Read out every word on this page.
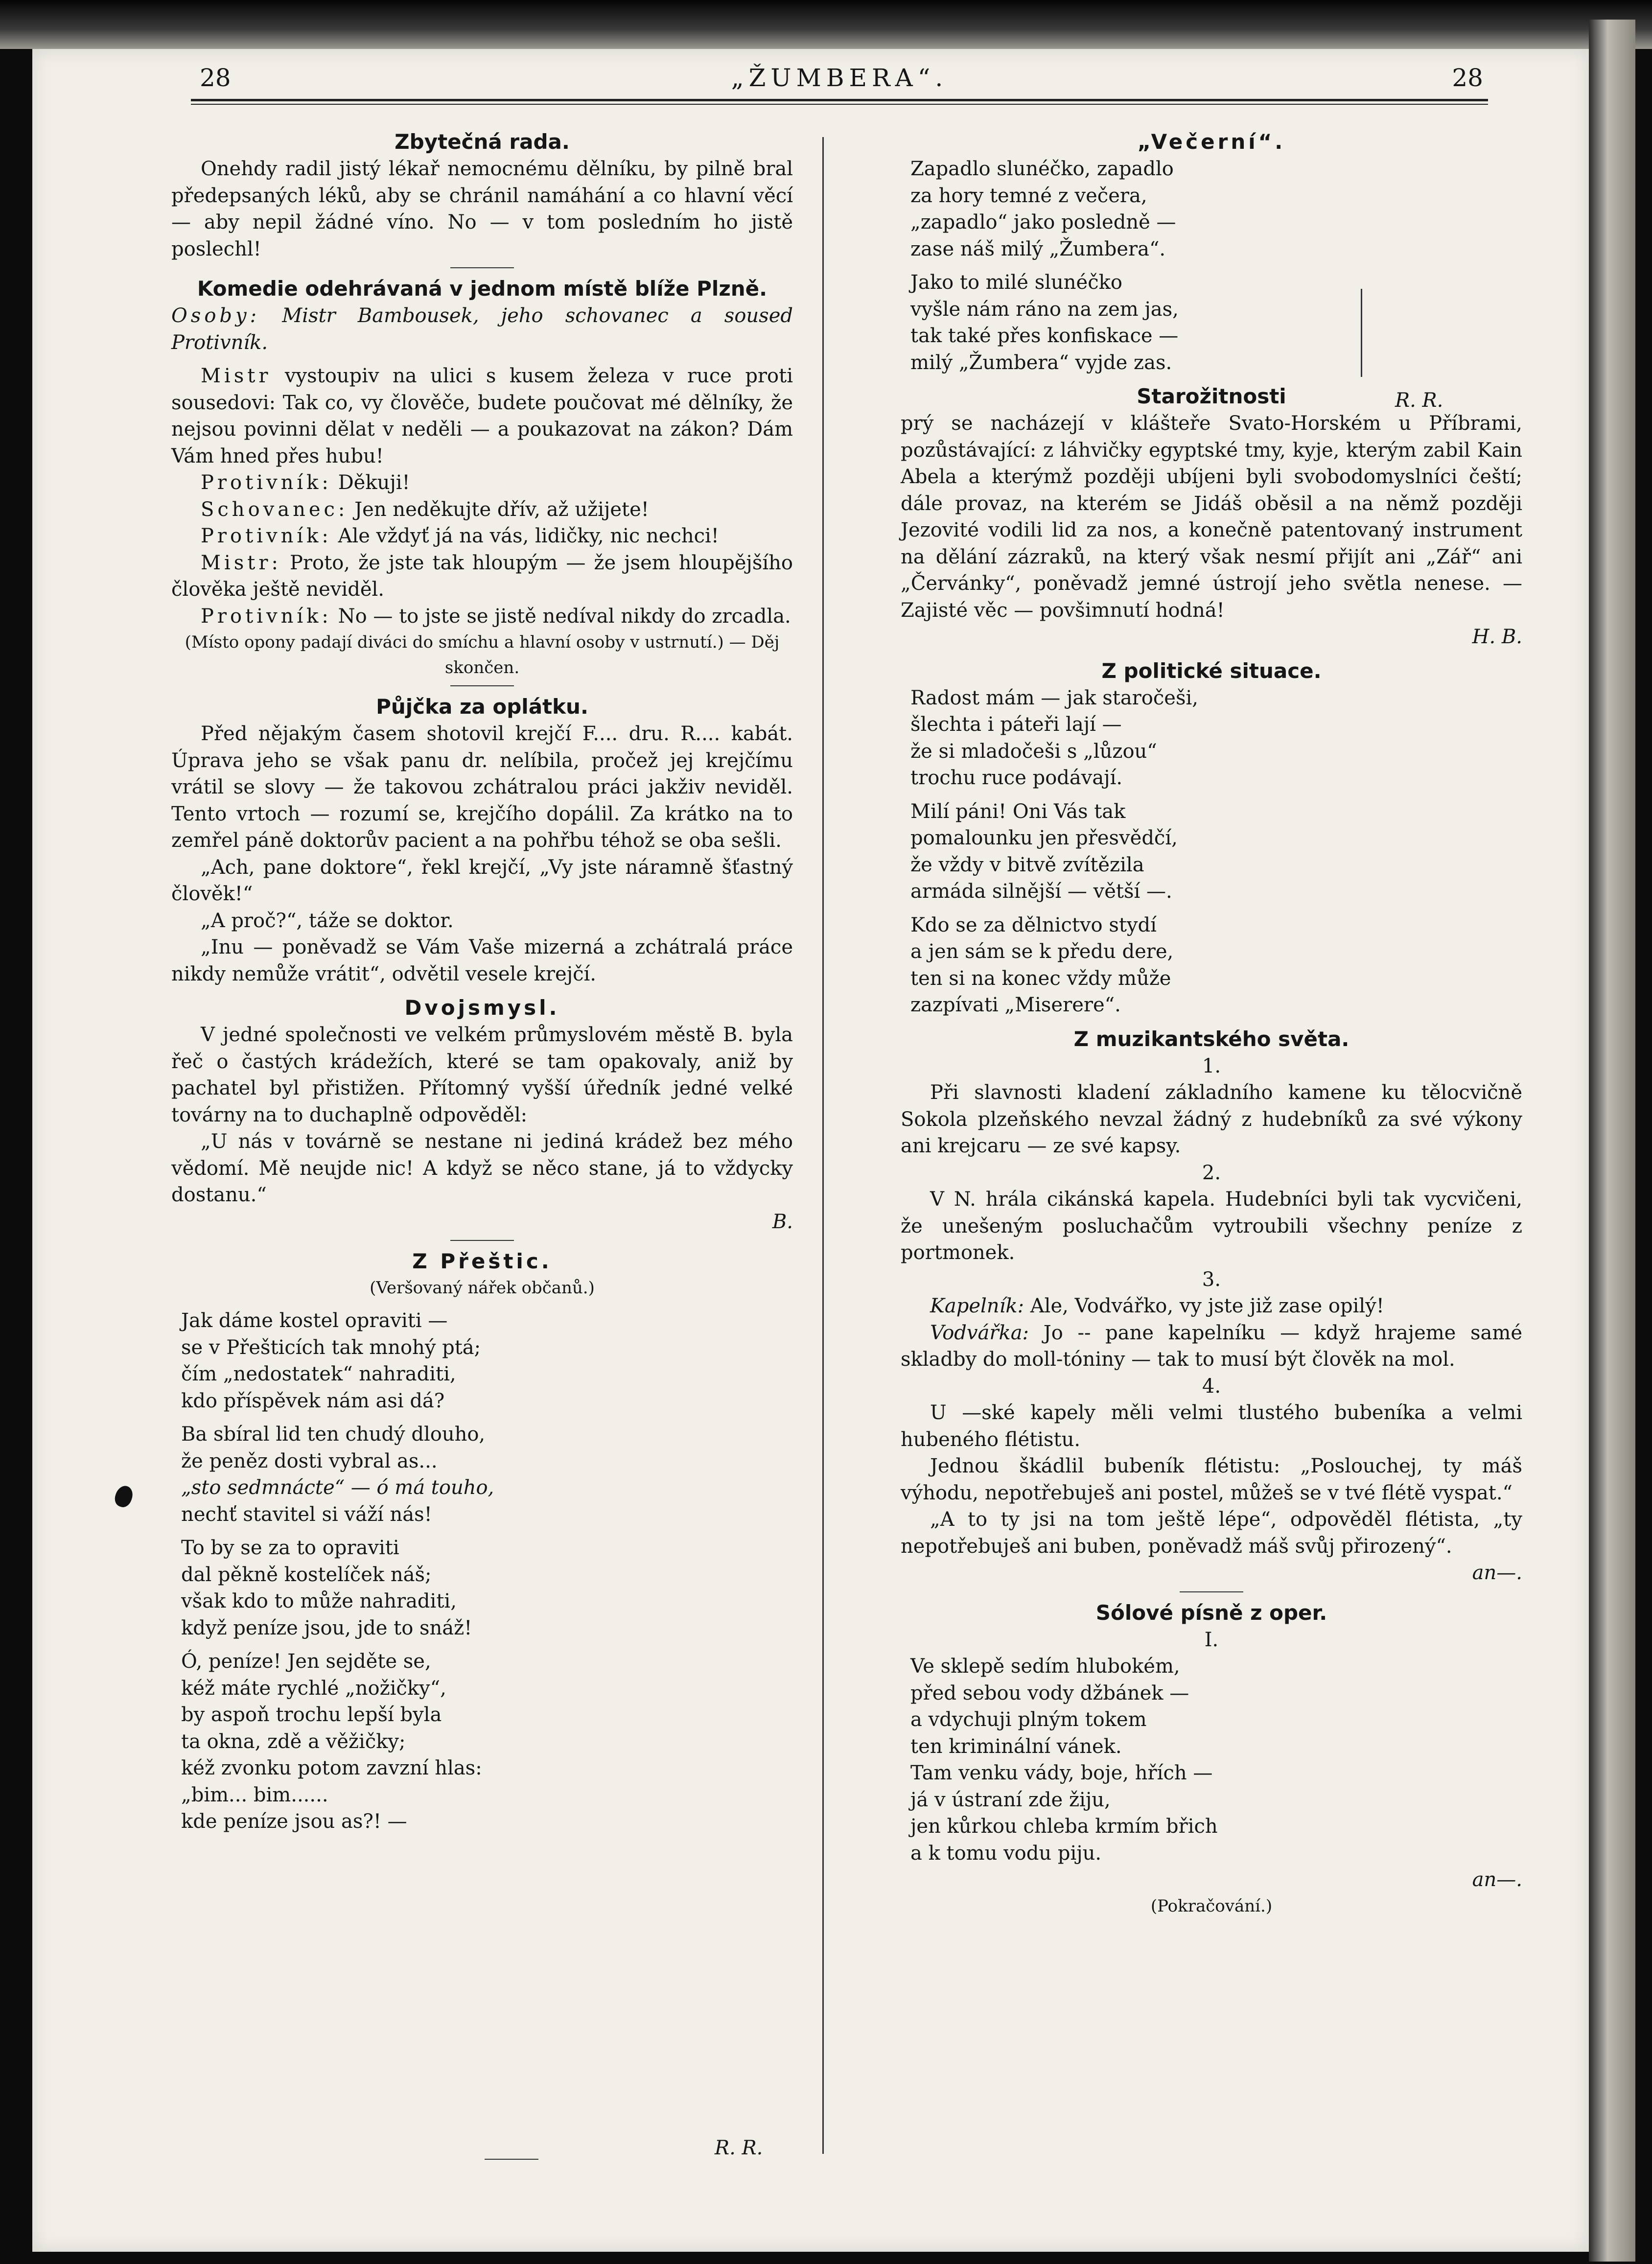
28	„ŽUMBERA“.	28
Zbytečná rada.

Onehdy radil jistý lékař nemocnému dělníku, by pilně bral předepsaných léků, aby se chránil namáhání a co hlavní věcí — aby nepil žádné víno. No — v tom posledním ho jistě poslechl!

Komedie odehrávaná v jednom místě blíže Plzně.

Osoby: Mistr Bambousek, jeho schovanec a soused Protivník.

Mistr vystoupiv na ulici s kusem železa v ruce proti sousedovi: Tak co, vy člověče, budete poučovat mé dělníky, že nejsou povinni dělat v neděli — a poukazovat na zákon? Dám Vám hned přes hubu!

Protivník: Děkuji!

Schovanec: Jen neděkujte dřív, až užijete!

Protivník: Ale vždyť já na vás, lidičky, nic nechci!

Mistr: Proto, že jste tak hloupým — že jsem hloupějšího člověka ještě neviděl.

Protivník: No — to jste se jistě nedíval nikdy do zrcadla.

(Místo opony padají diváci do smíchu a hlavní osoby v ustrnutí.) — Děj skončen.

Půjčka za oplátku.

Před nějakým časem shotovil krejčí F.... dru. R.... kabát. Úprava jeho se však panu dr. nelíbila, pročež jej krejčímu vrátil se slovy — že takovou zchátralou práci jakživ neviděl. Tento vrtoch — rozumí se, krejčího dopálil. Za krátko na to zemřel páně doktorův pacient a na pohřbu téhož se oba sešli.

„Ach, pane doktore“, řekl krejčí, „Vy jste náramně šťastný člověk!“

„A proč?“, táže se doktor.

„Inu — poněvadž se Vám Vaše mizerná a zchátralá práce nikdy nemůže vrátit“, odvětil vesele krejčí.

Dvojsmysl.

V jedné společnosti ve velkém průmyslovém městě B. byla řeč o častých krádežích, které se tam opakovaly, aniž by pachatel byl přistižen. Přítomný vyšší úředník jedné velké továrny na to duchaplně odpověděl:

„U nás v továrně se nestane ni jediná krádež bez mého vědomí. Mě neujde nic! A když se něco stane, já to vždycky dostanu.“

B.

Z Přeštic.

(Veršovaný nářek občanů.)

Jak dáme kostel opraviti —
se v Přešticích tak mnohý ptá;
čím „nedostatek“ nahraditi,
kdo příspěvek nám asi dá?
Ba sbíral lid ten chudý dlouho,
že peněz dosti vybral as...
„sto sedmnácte“ — ó má touho,
nechť stavitel si váží nás!
To by se za to opraviti
dal pěkně kostelíček náš;
však kdo to může nahraditi,
když peníze jsou, jde to snáž!
Ó, peníze! Jen sejděte se,
kéž máte rychlé „nožičky“,
by aspoň trochu lepší byla
ta okna, zdě a věžičky;
kéž zvonku potom zavzní hlas:
„bim... bim......
kde peníze jsou as?! —
R. R.
„Večerní“.
Zapadlo slunéčko, zapadlo
za hory temné z večera,
„zapadlo“ jako posledně —
zase náš milý „Žumbera“.
Jako to milé slunéčko
vyšle nám ráno na zem jas,
tak také přes konfiskace —
milý „Žumbera“ vyjde zas.
Starožitnosti

prý se nacházejí v klášteře Svato-Horském u Příbrami, pozůstávající: z láhvičky egyptské tmy, kyje, kterým zabil Kain Abela a kterýmž později ubíjeni byli svobodomyslníci čeští; dále provaz, na kterém se Jidáš oběsil a na němž později Jezovité vodili lid za nos, a konečně patentovaný instrument na dělání zázraků, na který však nesmí přijít ani „Zář“ ani „Červánky“, poněvadž jemné ústrojí jeho světla nenese. — Zajisté věc — povšimnutí hodná!

H. B.

Z politické situace.
Radost mám — jak staročeši,
šlechta i páteři lají —
že si mladočeši s „lůzou“
trochu ruce podávají.
Milí páni! Oni Vás tak
pomalounku jen přesvědčí,
že vždy v bitvě zvítězila
armáda silnější — větší —.
Kdo se za dělnictvo stydí
a jen sám se k předu dere,
ten si na konec vždy může
zazpívati „Miserere“.
Z muzikantského světa.

1.

Při slavnosti kladení základního kamene ku tělocvičně Sokola plzeňského nevzal žádný z hudebníků za své výkony ani krejcaru — ze své kapsy.

2.

V N. hrála cikánská kapela. Hudebníci byli tak vycvičeni, že unešeným posluchačům vytroubili všechny peníze z portmonek.

3.

Kapelník: Ale, Vodvářko, vy jste již zase opilý!

Vodvářka: Jo -- pane kapelníku — když hrajeme samé skladby do moll-tóniny — tak to musí být člověk na mol.

4.

U —ské kapely měli velmi tlustého bubeníka a velmi hubeného flétistu.

Jednou škádlil bubeník flétistu: „Poslouchej, ty máš výhodu, nepotřebuješ ani postel, můžeš se v tvé flétě vyspat.“

„A to ty jsi na tom ještě lépe“, odpověděl flétista, „ty nepotřebuješ ani buben, poněvadž máš svůj přirozený“.

an—.

Sólové písně z oper.

I.

Ve sklepě sedím hlubokém,
před sebou vody džbánek —
a vdychuji plným tokem
ten kriminální vánek.
Tam venku vády, boje, hřích —
já v ústraní zde žiju,
jen kůrkou chleba krmím břich
a k tomu vodu piju.

an—.

(Pokračování.)

R. R.
